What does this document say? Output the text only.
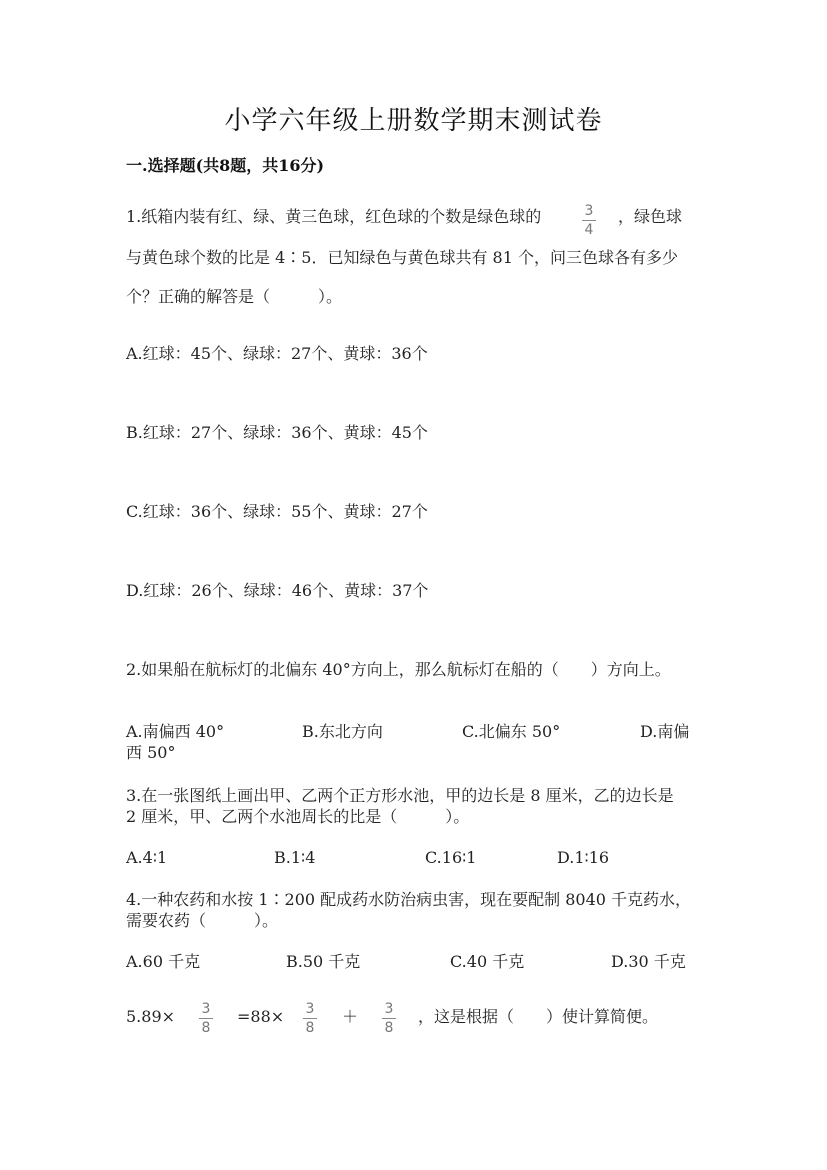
小学六年级上册数学期末测试卷
一.选择题(共8题，共16分)
1.纸箱内装有红、绿、黄三色球，红色球的个数是绿色球的	3
4
，绿色球
与黄色球个数的比是 4∶5．已知绿色与黄色球共有 81 个，问三色球各有多少
个？正确的解答是（　　　）。
A.红球：45个、绿球：27个、黄球：36个
B.红球：27个、绿球：36个、黄球：45个
C.红球：36个、绿球：55个、黄球：27个
D.红球：26个、绿球：46个、黄球：37个
2.如果船在航标灯的北偏东 40°方向上，那么航标灯在船的（　　）方向上。
A.南偏西 40°	B.东北方向	C.北偏东 50°	D.南偏
西 50°
3.在一张图纸上画出甲、乙两个正方形水池，甲的边长是 8 厘米，乙的边长是
2 厘米，甲、乙两个水池周长的比是（　　　）。
A.4∶1	B.1∶4	C.16∶1	D.1∶16
4.一种农药和水按 1∶200 配成药水防治病虫害，现在要配制 8040 千克药水，
需要农药（　　　）。
A.60 千克	B.50 千克	C.40 千克	D.30 千克
5.89×	3
8
=88×	3
8
＋	3
8
，这是根据（　　）使计算简便。
